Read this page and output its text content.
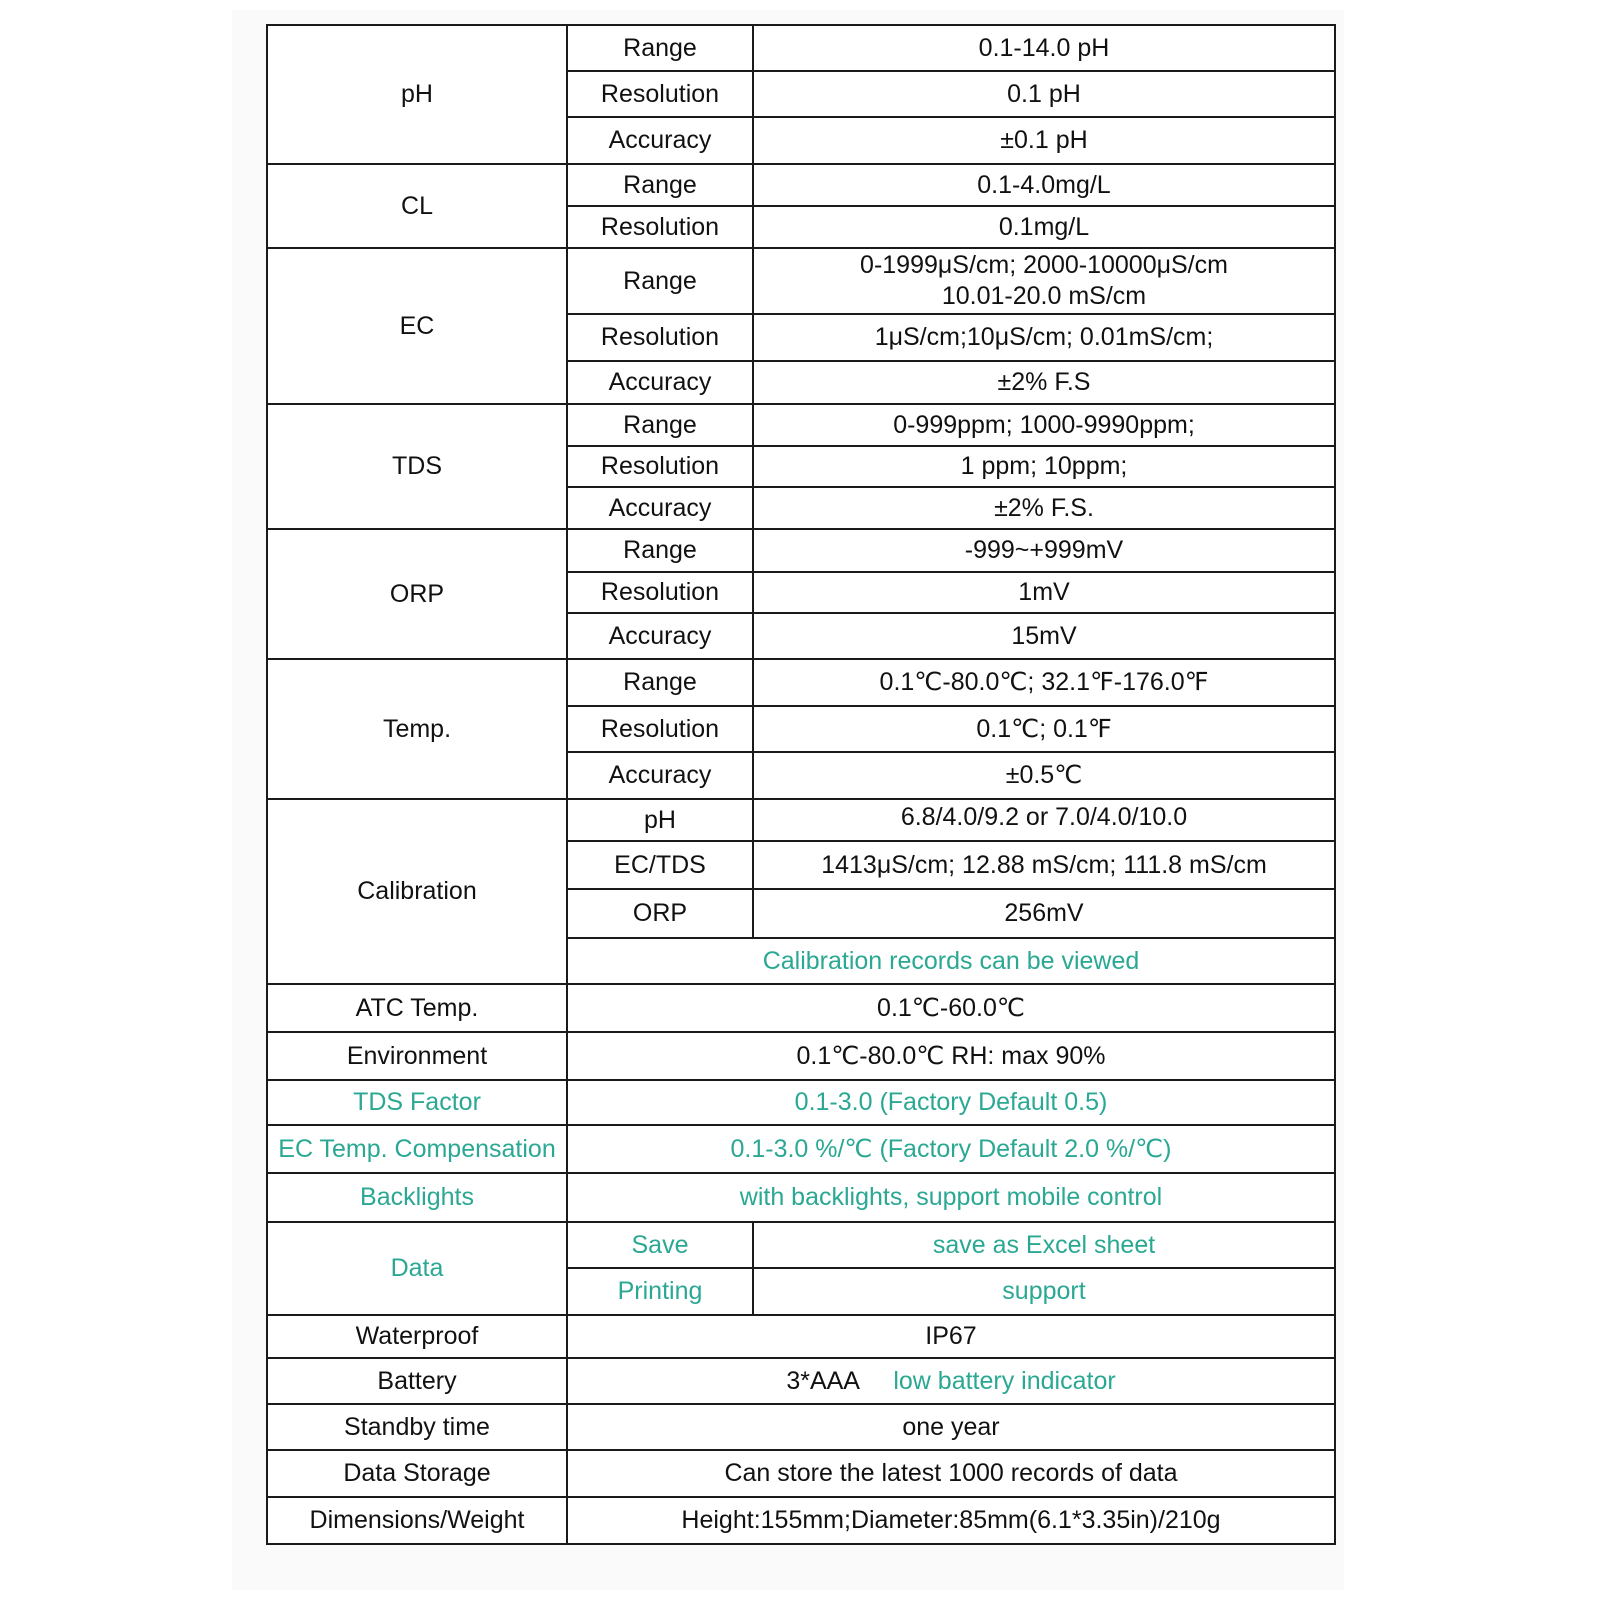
pH	Range	0.1-14.0 pH
	Resolution	0.1 pH
	Accuracy	±0.1 pH
CL	Range	0.1-4.0mg/L
	Resolution	0.1mg/L
EC	Range	0-1999μS/cm; 2000-10000μS/cm
10.01-20.0 mS/cm

	Resolution	1μS/cm;10μS/cm; 0.01mS/cm;
	Accuracy	±2% F.S
TDS	Range	0-999ppm; 1000-9990ppm;
	Resolution	1 ppm; 10ppm;
	Accuracy	±2% F.S.
ORP	Range	-999~+999mV
	Resolution	1mV
	Accuracy	15mV
Temp.	Range	0.1℃-80.0℃; 32.1℉-176.0℉
	Resolution	0.1℃; 0.1℉
	Accuracy	±0.5℃
Calibration	pH	6.8/4.0/9.2 or 7.0/4.0/10.0
	EC/TDS	1413μS/cm; 12.88 mS/cm; 111.8 mS/cm
	ORP	256mV
	Calibration records can be viewed	
ATC Temp.	0.1℃-60.0℃	
Environment	0.1℃-80.0℃ RH: max 90%	
TDS Factor	0.1-3.0 (Factory Default 0.5)	
EC Temp. Compensation	0.1-3.0 %/℃ (Factory Default 2.0 %/℃)	
Backlights	with backlights, support mobile control	
Data	Save	save as Excel sheet
	Printing	support
Waterproof	IP67	
Battery	3*AAA low battery indicator	
Standby time	one year	
Data Storage	Can store the latest 1000 records of data	
Dimensions/Weight	Height:155mm;Diameter:85mm(6.1*3.35in)/210g	
